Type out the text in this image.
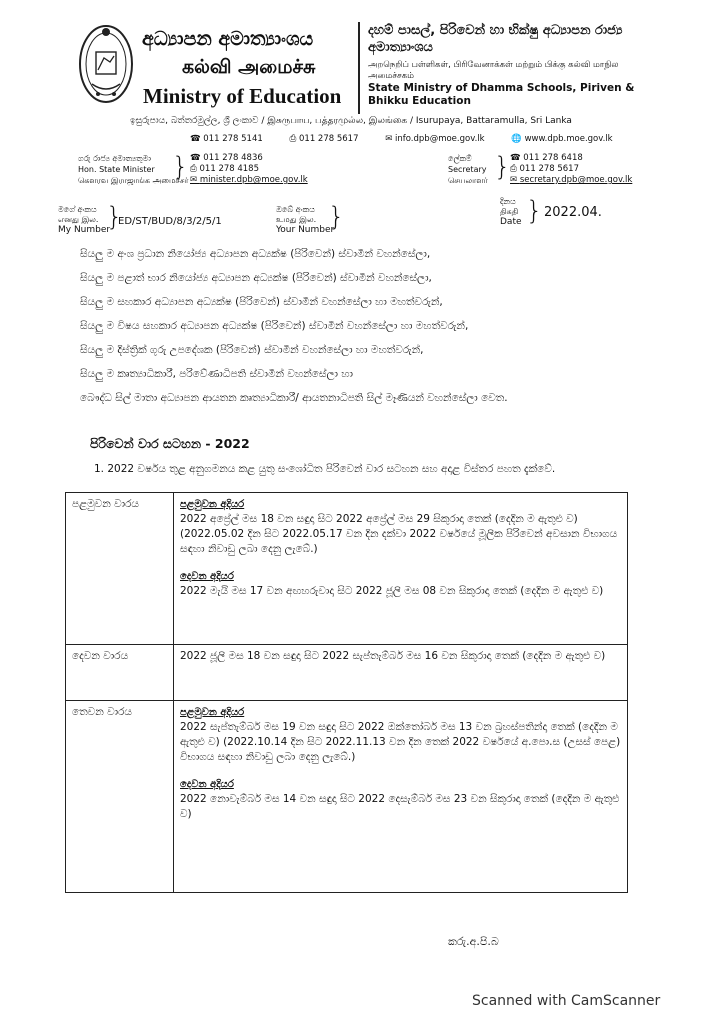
අධ්‍යාපන අමාත්‍යාංශය
கல்வி அமைச்சு
Ministry of Education
දහම් පාසල්, පිරිවෙන් හා භික්ෂු අධ්‍යාපන රාජ්‍ය අමාත්‍යාංශය
அறநெறிப் பள்ளிகள், பிரிவேனாக்கள் மற்றும் பிக்கு கல்வி மாநில அமைச்சகம்
State Ministry of Dhamma Schools, Piriven & Bhikku Education
ඉසුරුපාය, බත්තරමුල්ල, ශ්‍රී ලංකාව / இசுருபாய, பத்தரமுல்ல, இலங்கை / Isurupaya, Battaramulla, Sri Lanka
☎ 011 278 5141	⎙ 011 278 5617	✉ info.dpb@moe.gov.lk	🌐 www.dpb.moe.gov.lk
ගරු රාජ්‍ය අමාත්‍යතුමා
Hon. State Minister
கௌரவ இராஜாங்க அமைச்சர்
} ☎ 011 278 4836
⎙ 011 278 4185
✉ minister.dpb@moe.gov.lk
ලේකම්
Secretary
செயலாளர் } ☎ 011 278 6418
⎙ 011 278 5617
✉ secretary.dpb@moe.gov.lk
මගේ අංකය
எனது இல.
My Number
}
ED/ST/BUD/8/3/2/5/1
ඔබේ අංකය
உமது இல.
Your Number
}
දිනය
திகதி
Date } 2022.04.
සියලු ම අංශ ප්‍රධාන නියෝජ්‍ය අධ්‍යාපන අධ්‍යක්ෂ (පිරිවෙන්) ස්වාමීන් වහන්සේලා,
සියලු ම පළාත් භාර නියෝජ්‍ය අධ්‍යාපන අධ්‍යක්ෂ (පිරිවෙන්) ස්වාමීන් වහන්සේලා,
සියලු ම සහකාර අධ්‍යාපන අධ්‍යක්ෂ (පිරිවෙන්) ස්වාමීන් වහන්සේලා හා මහත්වරුන්,
සියලු ම විෂය සහකාර අධ්‍යාපන අධ්‍යක්ෂ (පිරිවෙන්) ස්වාමීන් වහන්සේලා හා මහත්වරුන්,
සියලු ම දිස්ත්‍රික් ගුරු උපදේශක (පිරිවෙන්) ස්වාමීන් වහන්සේලා හා මහත්වරුන්,
සියලු ම කෘත්‍යාධිකාරී, පරිවේණාධිපති ස්වාමීන් වහන්සේලා හා
බෞද්ධ සිල් මාතා අධ්‍යාපන ආයතන කෘත්‍යාධිකාරී/ ආයතනාධිපති සිල් මෑණියන් වහන්සේලා වෙත.
පිරිවෙන් වාර සටහන - 2022
1. 2022 වර්ෂය තුළ අනුගමනය කළ යුතු සංශෝධිත පිරිවෙන් වාර සටහන සහ අදාළ විස්තර පහත දැක්වේ.
පළමුවන වාරය	පළමුවන අදියර
2022 අප්‍රේල් මස 18 වන සඳුදා සිට 2022 අප්‍රේල් මස 29 සිකුරාදා තෙක් (දෙදින ම ඇතුළු ව) (2022.05.02 දින සිට 2022.05.17 වන දින දක්වා 2022 වර්ෂයේ මූලික පිරිවෙන් අවසාන විභාගය සඳහා නිවාඩු ලබා දෙනු ලැබේ.)
දෙවන අදියර
2022 මැයි මස 17 වන අඟහරුවාදා සිට 2022 ජූලි මස 08 වන සිකුරාදා තෙක් (දෙදින ම ඇතුළු ව)
දෙවන වාරය	2022 ජූලි මස 18 වන සඳුදා සිට 2022 සැප්තැම්බර් මස 16 වන සිකුරාදා තෙක් (දෙදින ම ඇතුළු ව)
තෙවන වාරය	පළමුවන අදියර
2022 සැප්තැම්බර් මස 19 වන සඳුදා සිට 2022 ඔක්තෝබර් මස 13 වන බ්‍රහස්පතින්දා තෙක් (දෙදින ම ඇතුළු ව) (2022.10.14 දින සිට 2022.11.13 වන දින තෙක් 2022 වර්ෂයේ අ.පො.ස (උසස් පෙළ) විභාගය සඳහා නිවාඩු ලබා දෙනු ලැබේ.)
දෙවන අදියර
2022 නොවැම්බර් මස 14 වන සඳුදා සිට 2022 දෙසැම්බර් මස 23 වන සිකුරාදා තෙක් (දෙදින ම ඇතුළු ව)
කරු.අ.පි.බ
Scanned with CamScanner
